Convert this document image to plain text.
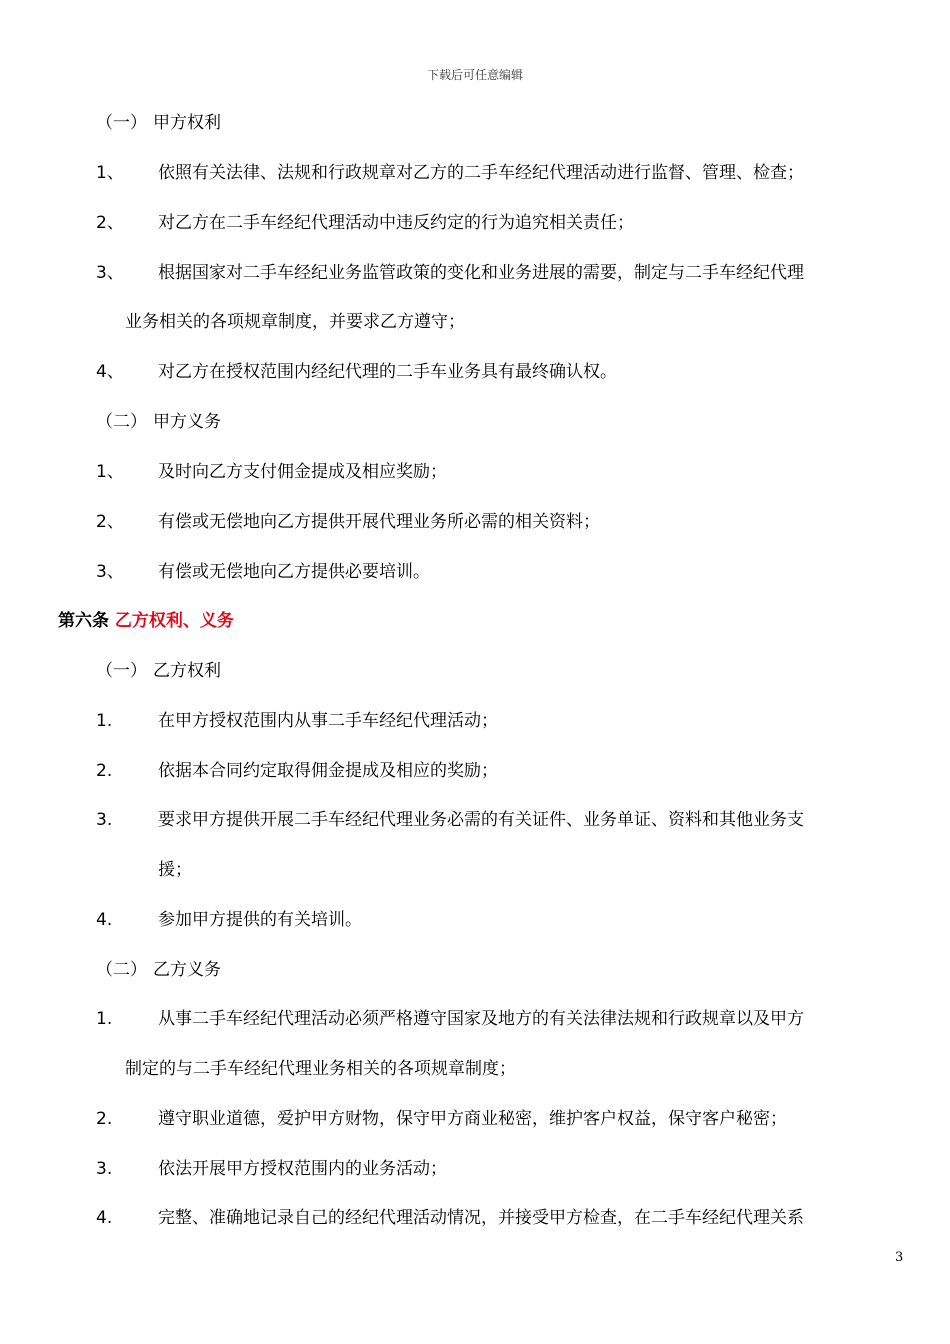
下载后可任意编辑
（一） 甲方权利
1、 依照有关法律、法规和行政规章对乙方的二手车经纪代理活动进行监督、管理、检查；
2、 对乙方在二手车经纪代理活动中违反约定的行为追究相关责任；
3、 根据国家对二手车经纪业务监管政策的变化和业务进展的需要，制定与二手车经纪代理
业务相关的各项规章制度，并要求乙方遵守；
4、 对乙方在授权范围内经纪代理的二手车业务具有最终确认权。
（二） 甲方义务
1、 及时向乙方支付佣金提成及相应奖励；
2、 有偿或无偿地向乙方提供开展代理业务所必需的相关资料；
3、 有偿或无偿地向乙方提供必要培训。
第六条 乙方权利、义务
（一） 乙方权利
1.	在甲方授权范围内从事二手车经纪代理活动；
2.	依据本合同约定取得佣金提成及相应的奖励；
3.	要求甲方提供开展二手车经纪代理业务必需的有关证件、业务单证、资料和其他业务支
援；
4.	参加甲方提供的有关培训。
（二） 乙方义务
1.	从事二手车经纪代理活动必须严格遵守国家及地方的有关法律法规和行政规章以及甲方
制定的与二手车经纪代理业务相关的各项规章制度；
2.	遵守职业道德，爱护甲方财物，保守甲方商业秘密，维护客户权益，保守客户秘密；
3.	依法开展甲方授权范围内的业务活动；
4.	完整、准确地记录自己的经纪代理活动情况，并接受甲方检查，在二手车经纪代理关系
3
